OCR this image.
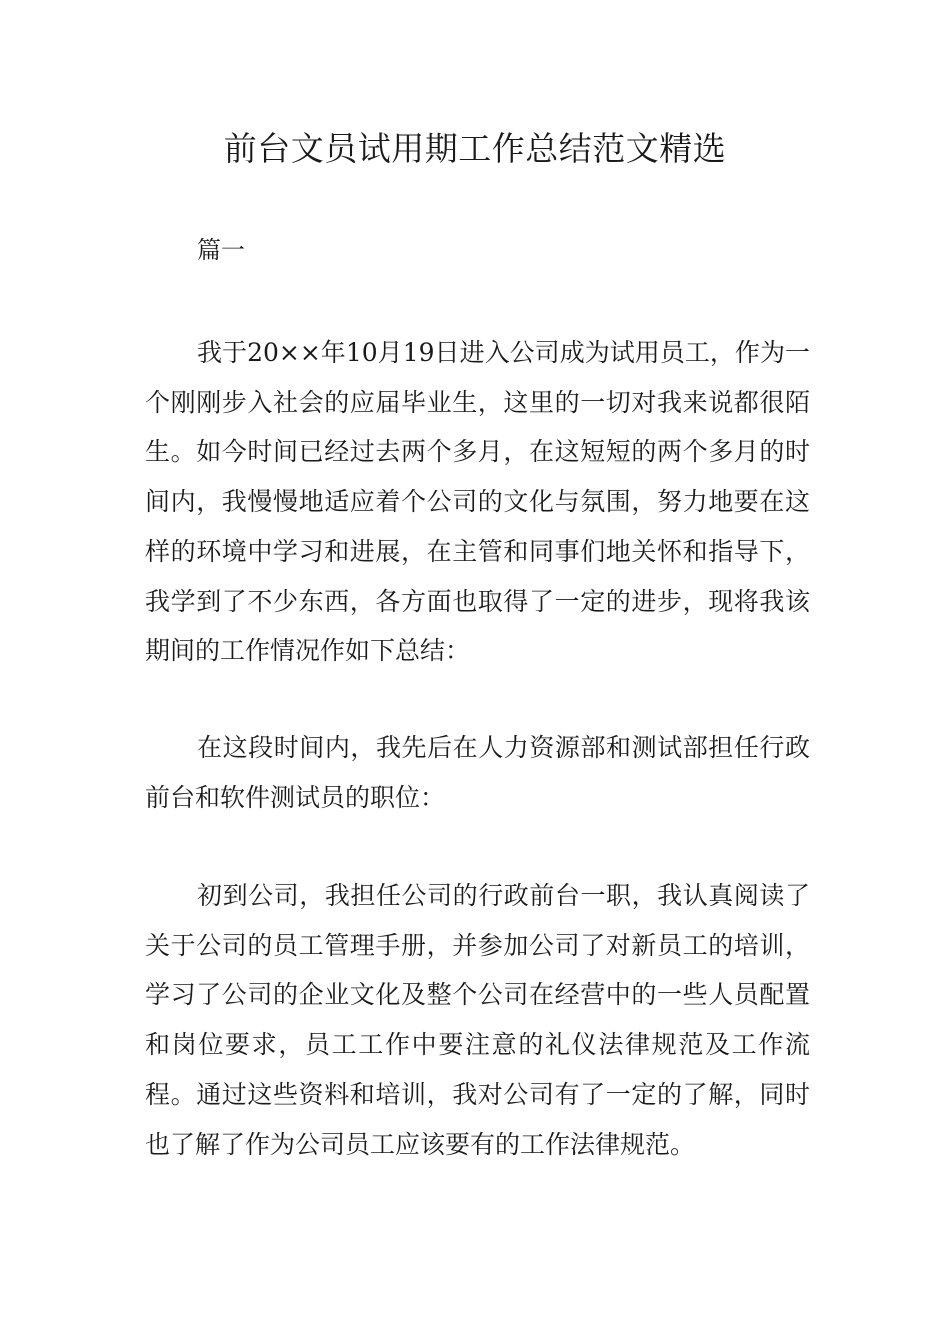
前台文员试用期工作总结范文精选
篇一

我于20××年10月19日进入公司成为试用员工，作为一个刚刚步入社会的应届毕业生，这里的一切对我来说都很陌生。如今时间已经过去两个多月，在这短短的两个多月的时间内，我慢慢地适应着个公司的文化与氛围，努力地要在这样的环境中学习和进展，在主管和同事们地关怀和指导下，我学到了不少东西，各方面也取得了一定的进步，现将我该期间的工作情况作如下总结：

在这段时间内，我先后在人力资源部和测试部担任行政前台和软件测试员的职位：

初到公司，我担任公司的行政前台一职，我认真阅读了关于公司的员工管理手册，并参加公司了对新员工的培训，学习了公司的企业文化及整个公司在经营中的一些人员配置和岗位要求，员工工作中要注意的礼仪法律规范及工作流程。通过这些资料和培训，我对公司有了一定的了解，同时也了解了作为公司员工应该要有的工作法律规范。
